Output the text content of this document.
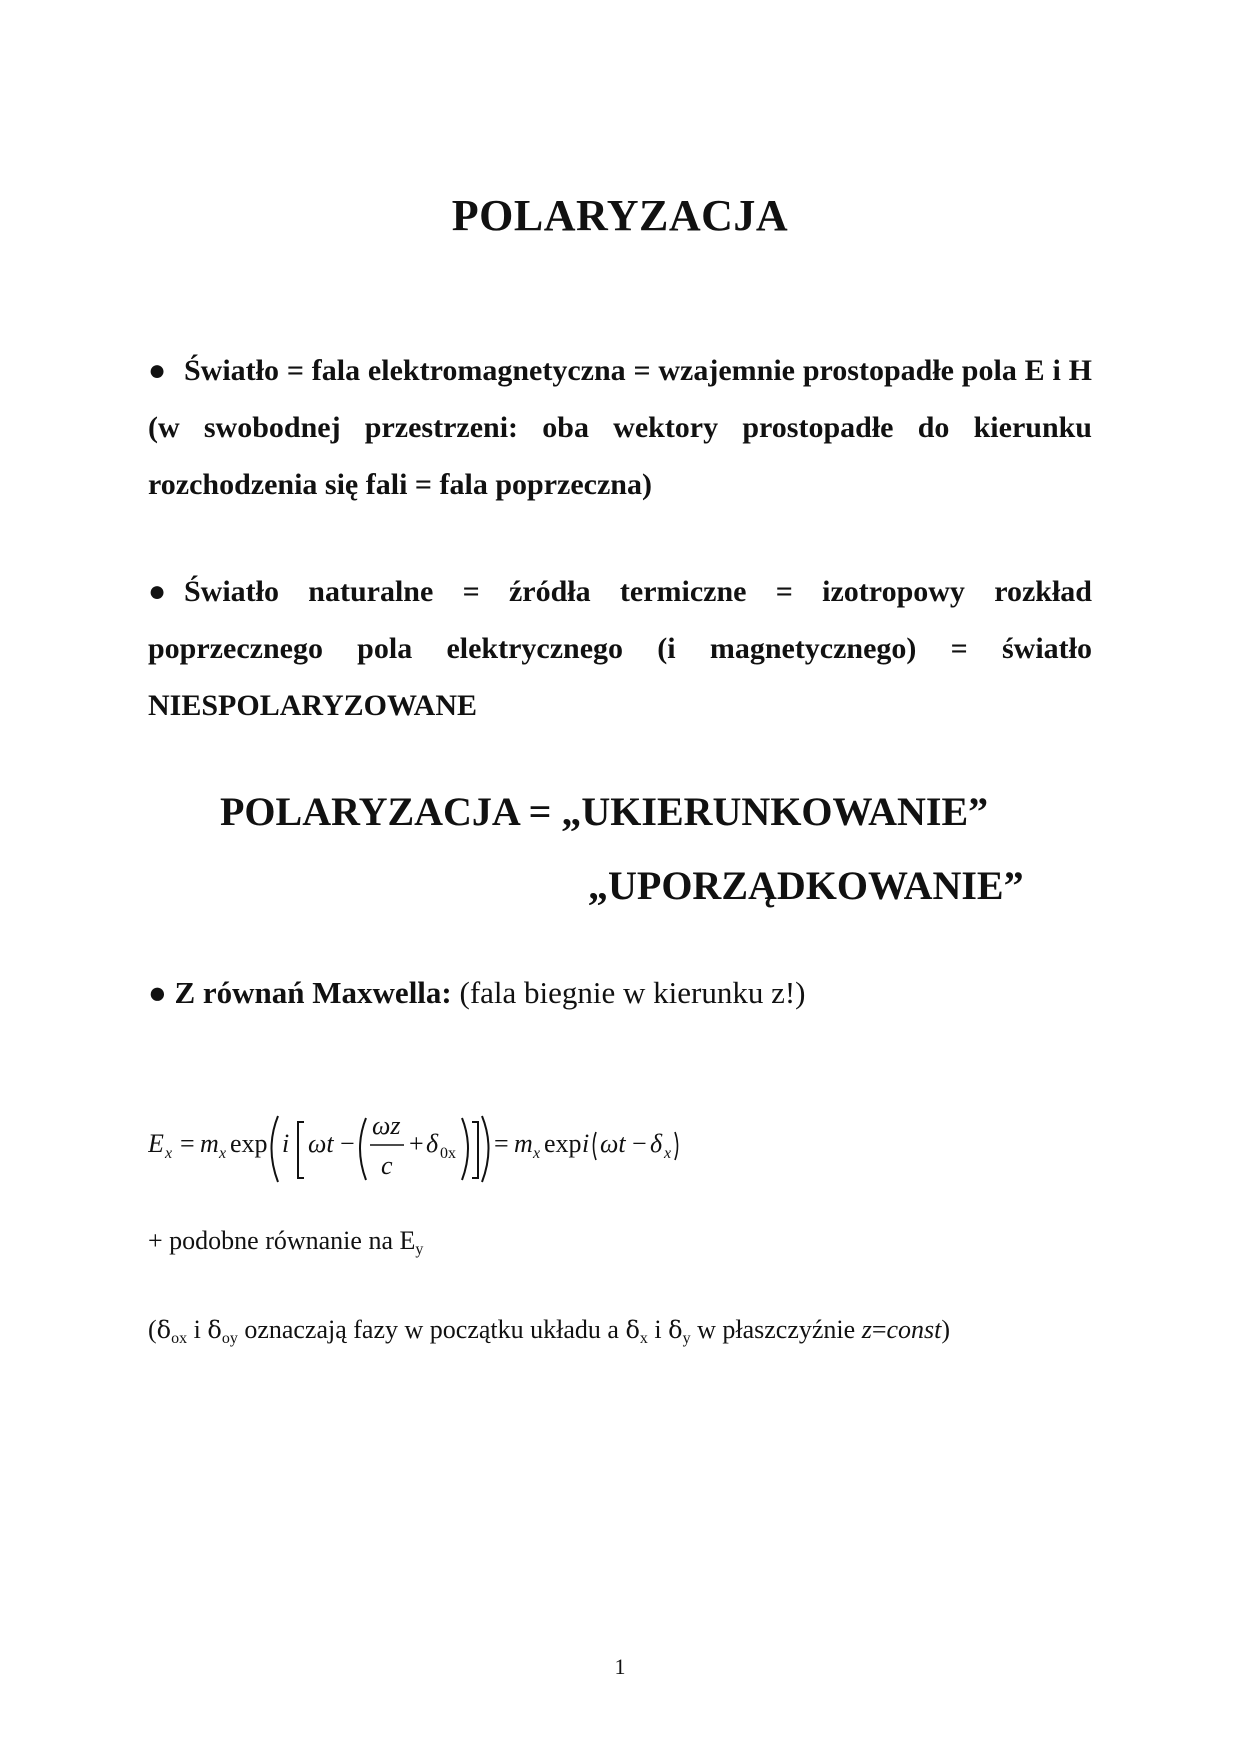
POLARYZACJA
● Światło = fala elektromagnetyczna = wzajemnie prostopadłe pola E i H (w swobodnej przestrzeni: oba wektory prostopadłe do kierunku rozchodzenia się fali = fala poprzeczna)
● Światło naturalne = źródła termiczne = izotropowy rozkład poprzecznego pola elektrycznego (i magnetycznego) = światło NIESPOLARYZOWANE
POLARYZACJA = „UKIERUNKOWANIE”
„UPORZĄDKOWANIE”
● Z równań Maxwella: (fala biegnie w kierunku z!)
E x = m x exp i ωt −
ωz
c
+ δ 0x = m x exp i ωt − δ x
+ podobne równanie na $E_y$
($\delta_{ox}$ i $\delta_{oy}$ oznaczają fazy w początku układu a $\delta_x$ i $\delta_y$ w płaszczyźnie z=const)
1
